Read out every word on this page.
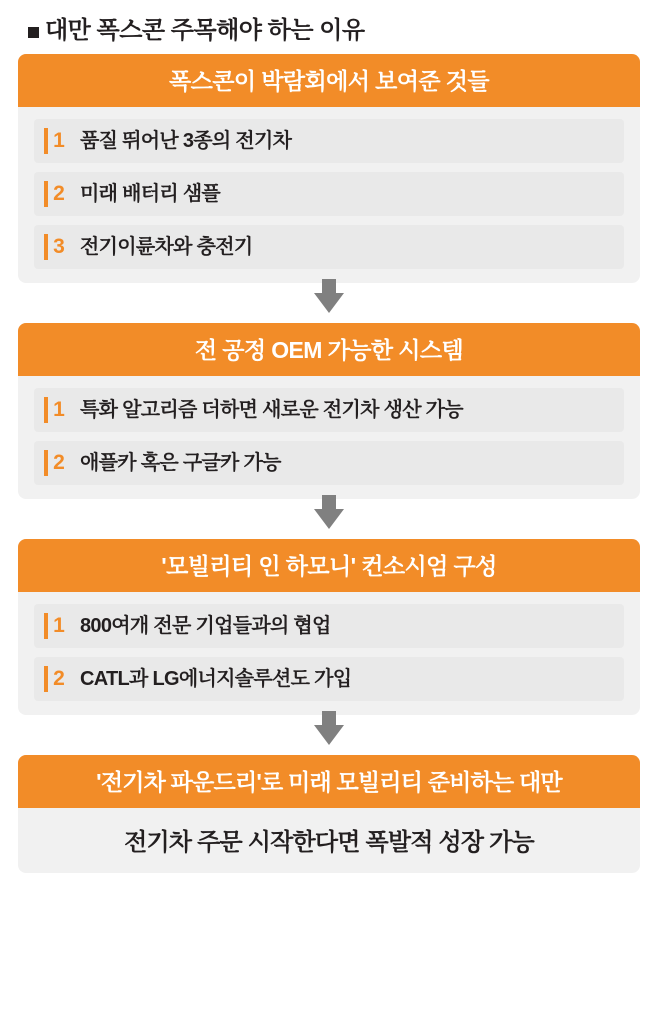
대만 폭스콘 주목해야 하는 이유
폭스콘이 박람회에서 보여준 것들
1 품질 뛰어난 3종의 전기차
2 미래 배터리 샘플
3 전기이륜차와 충전기
전 공정 OEM 가능한 시스템
1 특화 알고리즘 더하면 새로운 전기차 생산 가능
2 애플카 혹은 구글카 가능
'모빌리티 인 하모니' 컨소시엄 구성
1 800여개 전문 기업들과의 협업
2 CATL과 LG에너지솔루션도 가입
'전기차 파운드리'로 미래 모빌리티 준비하는 대만
전기차 주문 시작한다면 폭발적 성장 가능
